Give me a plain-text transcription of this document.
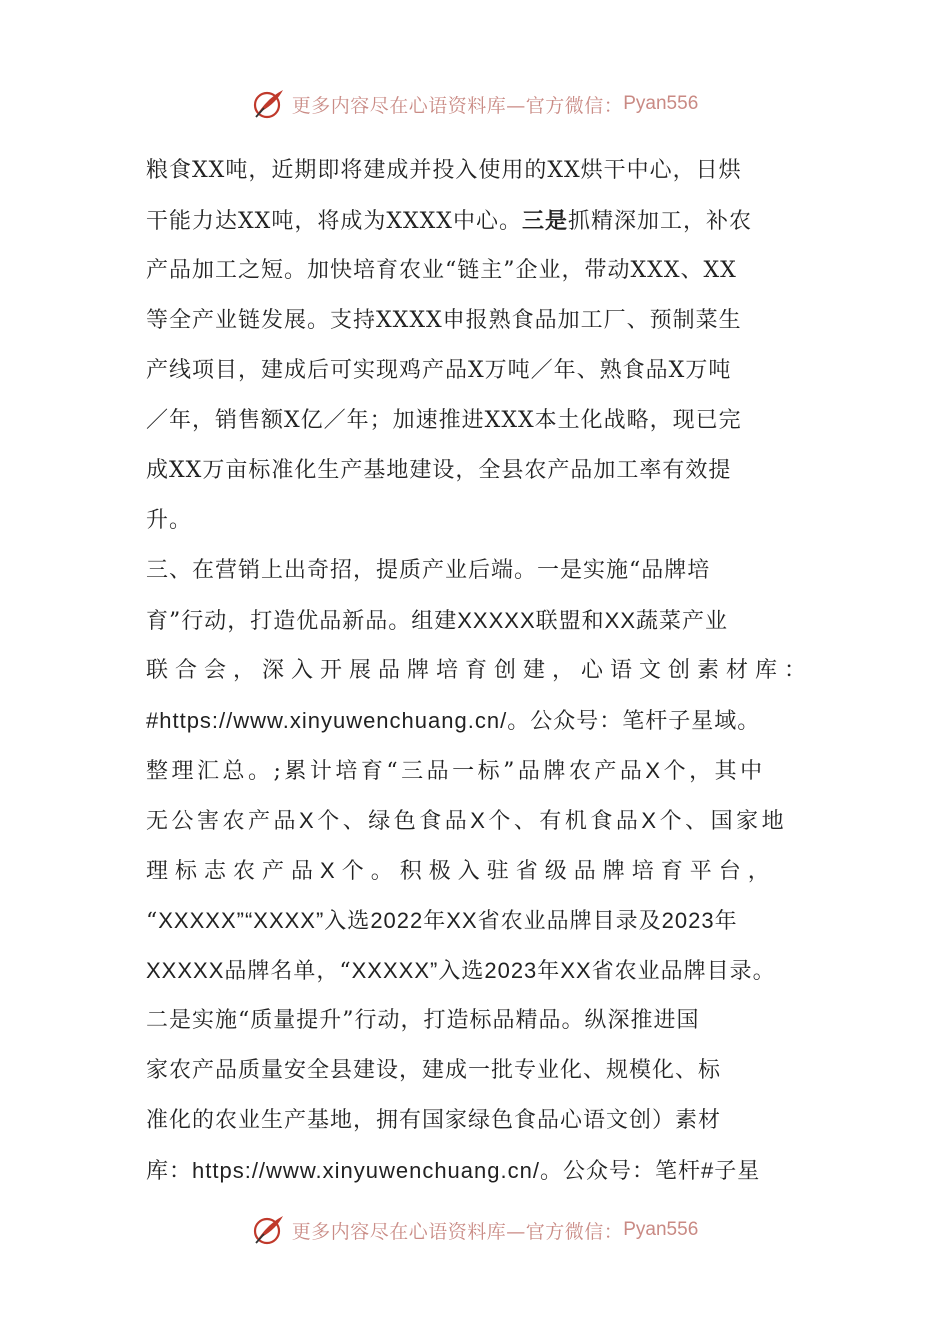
更多内容尽在心语资料库—官方微信： Pyan556
粮食XX吨，近期即将建成并投入使用的XX烘干中心，日烘
干能力达XX吨，将成为XXXX中心。三是抓精深加工，补农
产品加工之短。加快培育农业“链主”企业，带动XXX、XX
等全产业链发展。支持XXXX申报熟食品加工厂、预制菜生
产线项目，建成后可实现鸡产品X万吨／年、熟食品X万吨
／年，销售额X亿／年；加速推进XXX本土化战略，现已完
成XX万亩标准化生产基地建设，全县农产品加工率有效提
升。
三、在营销上出奇招，提质产业后端。一是实施“品牌培
育”行动，打造优品新品。组建XXXXX联盟和XX蔬菜产业
联合会，深入开展品牌培育创建，心语文创素材库：
#https://www.xinyuwenchuang.cn/。公众号：笔杆子星域。
整理汇总。;累计培育“三品一标”品牌农产品X个，其中
无公害农产品X个、绿色食品X个、有机食品X个、国家地
理标志农产品X个。积极入驻省级品牌培育平台，
“XXXXX”“XXXX”入选2022年XX省农业品牌目录及2023年
XXXXX品牌名单，“XXXXX”入选2023年XX省农业品牌目录。
二是实施“质量提升”行动，打造标品精品。纵深推进国
家农产品质量安全县建设，建成一批专业化、规模化、标
准化的农业生产基地，拥有国家绿色食品心语文创）素材
库：https://www.xinyuwenchuang.cn/。公众号：笔杆#子星
更多内容尽在心语资料库—官方微信： Pyan556
